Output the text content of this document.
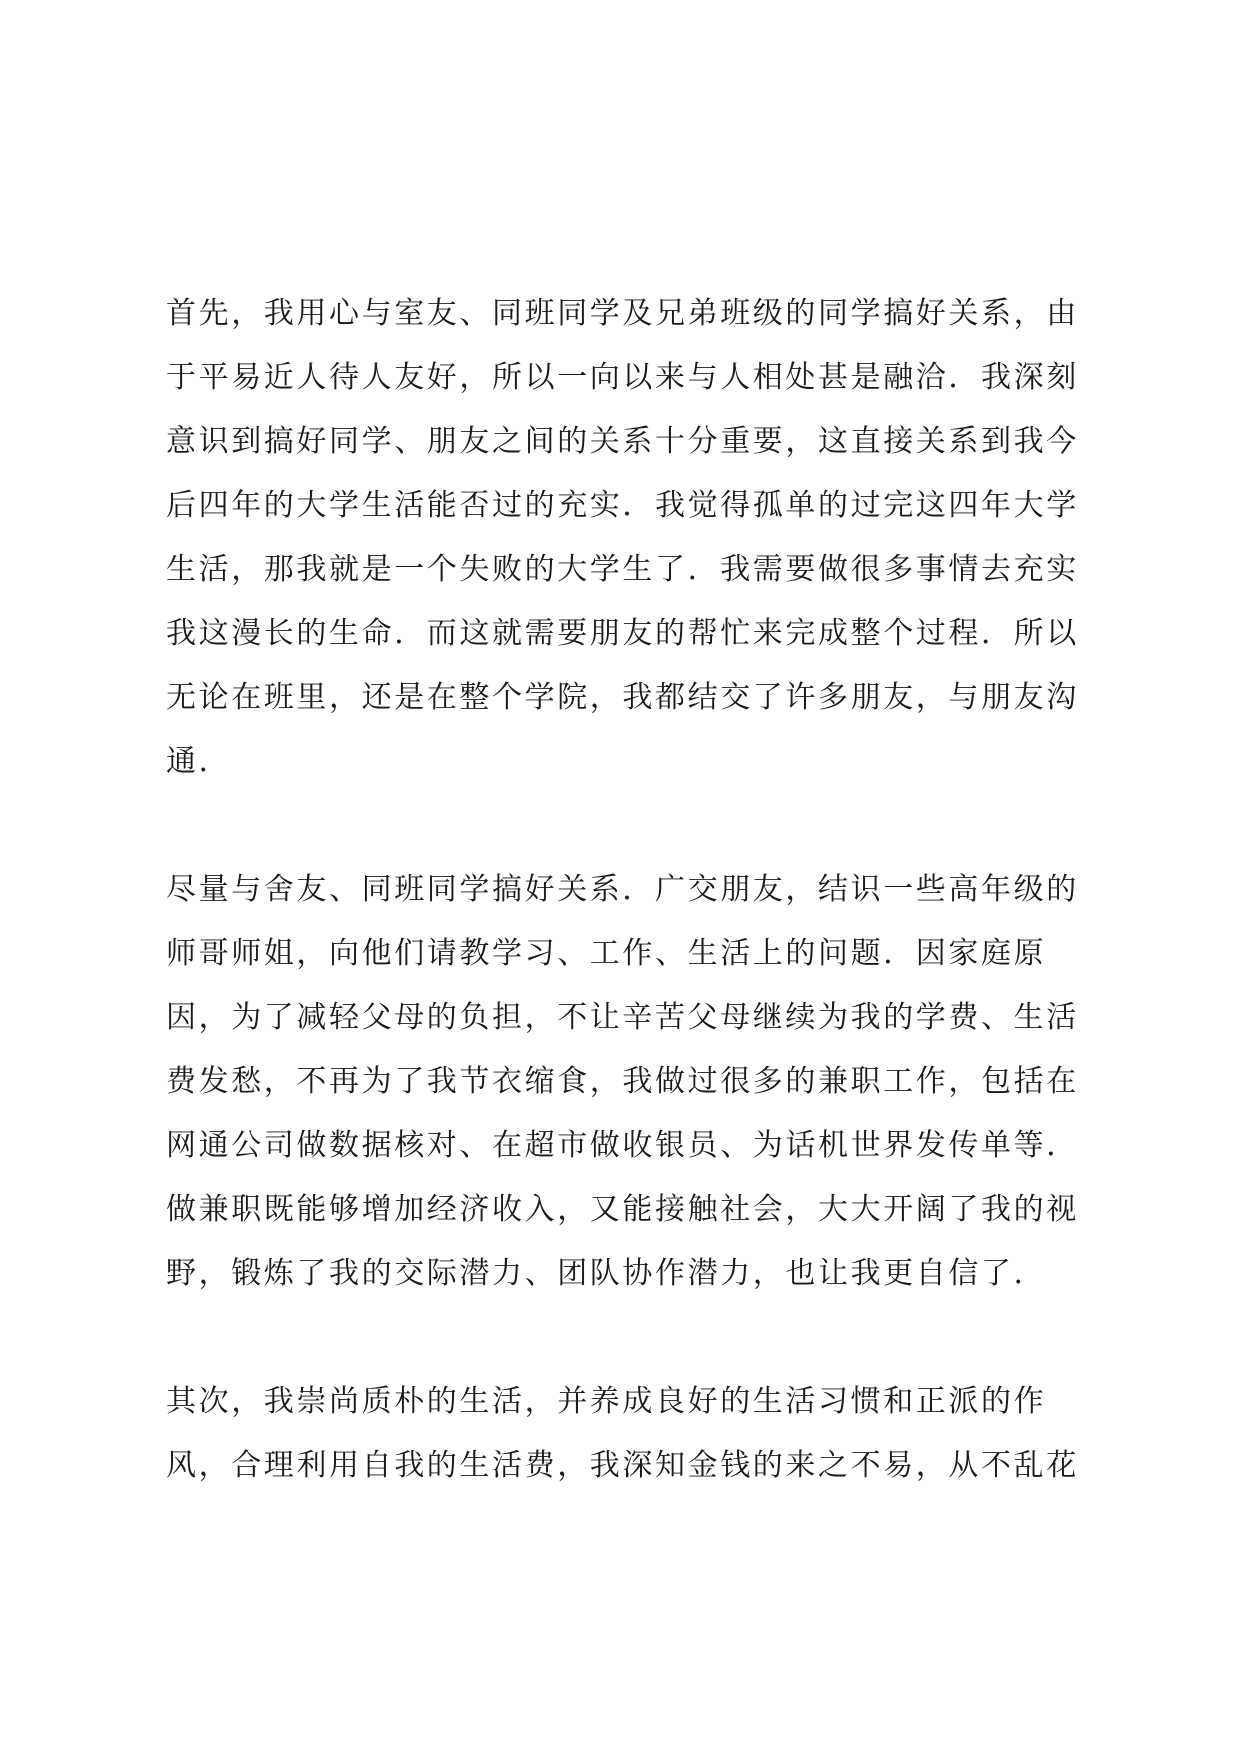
首先，我用心与室友、同班同学及兄弟班级的同学搞好关系，由
于平易近人待人友好，所以一向以来与人相处甚是融洽．我深刻
意识到搞好同学、朋友之间的关系十分重要，这直接关系到我今
后四年的大学生活能否过的充实．我觉得孤单的过完这四年大学
生活，那我就是一个失败的大学生了．我需要做很多事情去充实
我这漫长的生命．而这就需要朋友的帮忙来完成整个过程．所以
无论在班里，还是在整个学院，我都结交了许多朋友，与朋友沟
通．
尽量与舍友、同班同学搞好关系．广交朋友，结识一些高年级的
师哥师姐，向他们请教学习、工作、生活上的问题．因家庭原
因，为了减轻父母的负担，不让辛苦父母继续为我的学费、生活
费发愁，不再为了我节衣缩食，我做过很多的兼职工作，包括在
网通公司做数据核对、在超市做收银员、为话机世界发传单等．
做兼职既能够增加经济收入，又能接触社会，大大开阔了我的视
野，锻炼了我的交际潜力、团队协作潜力，也让我更自信了．
其次，我崇尚质朴的生活，并养成良好的生活习惯和正派的作
风，合理利用自我的生活费，我深知金钱的来之不易，从不乱花
